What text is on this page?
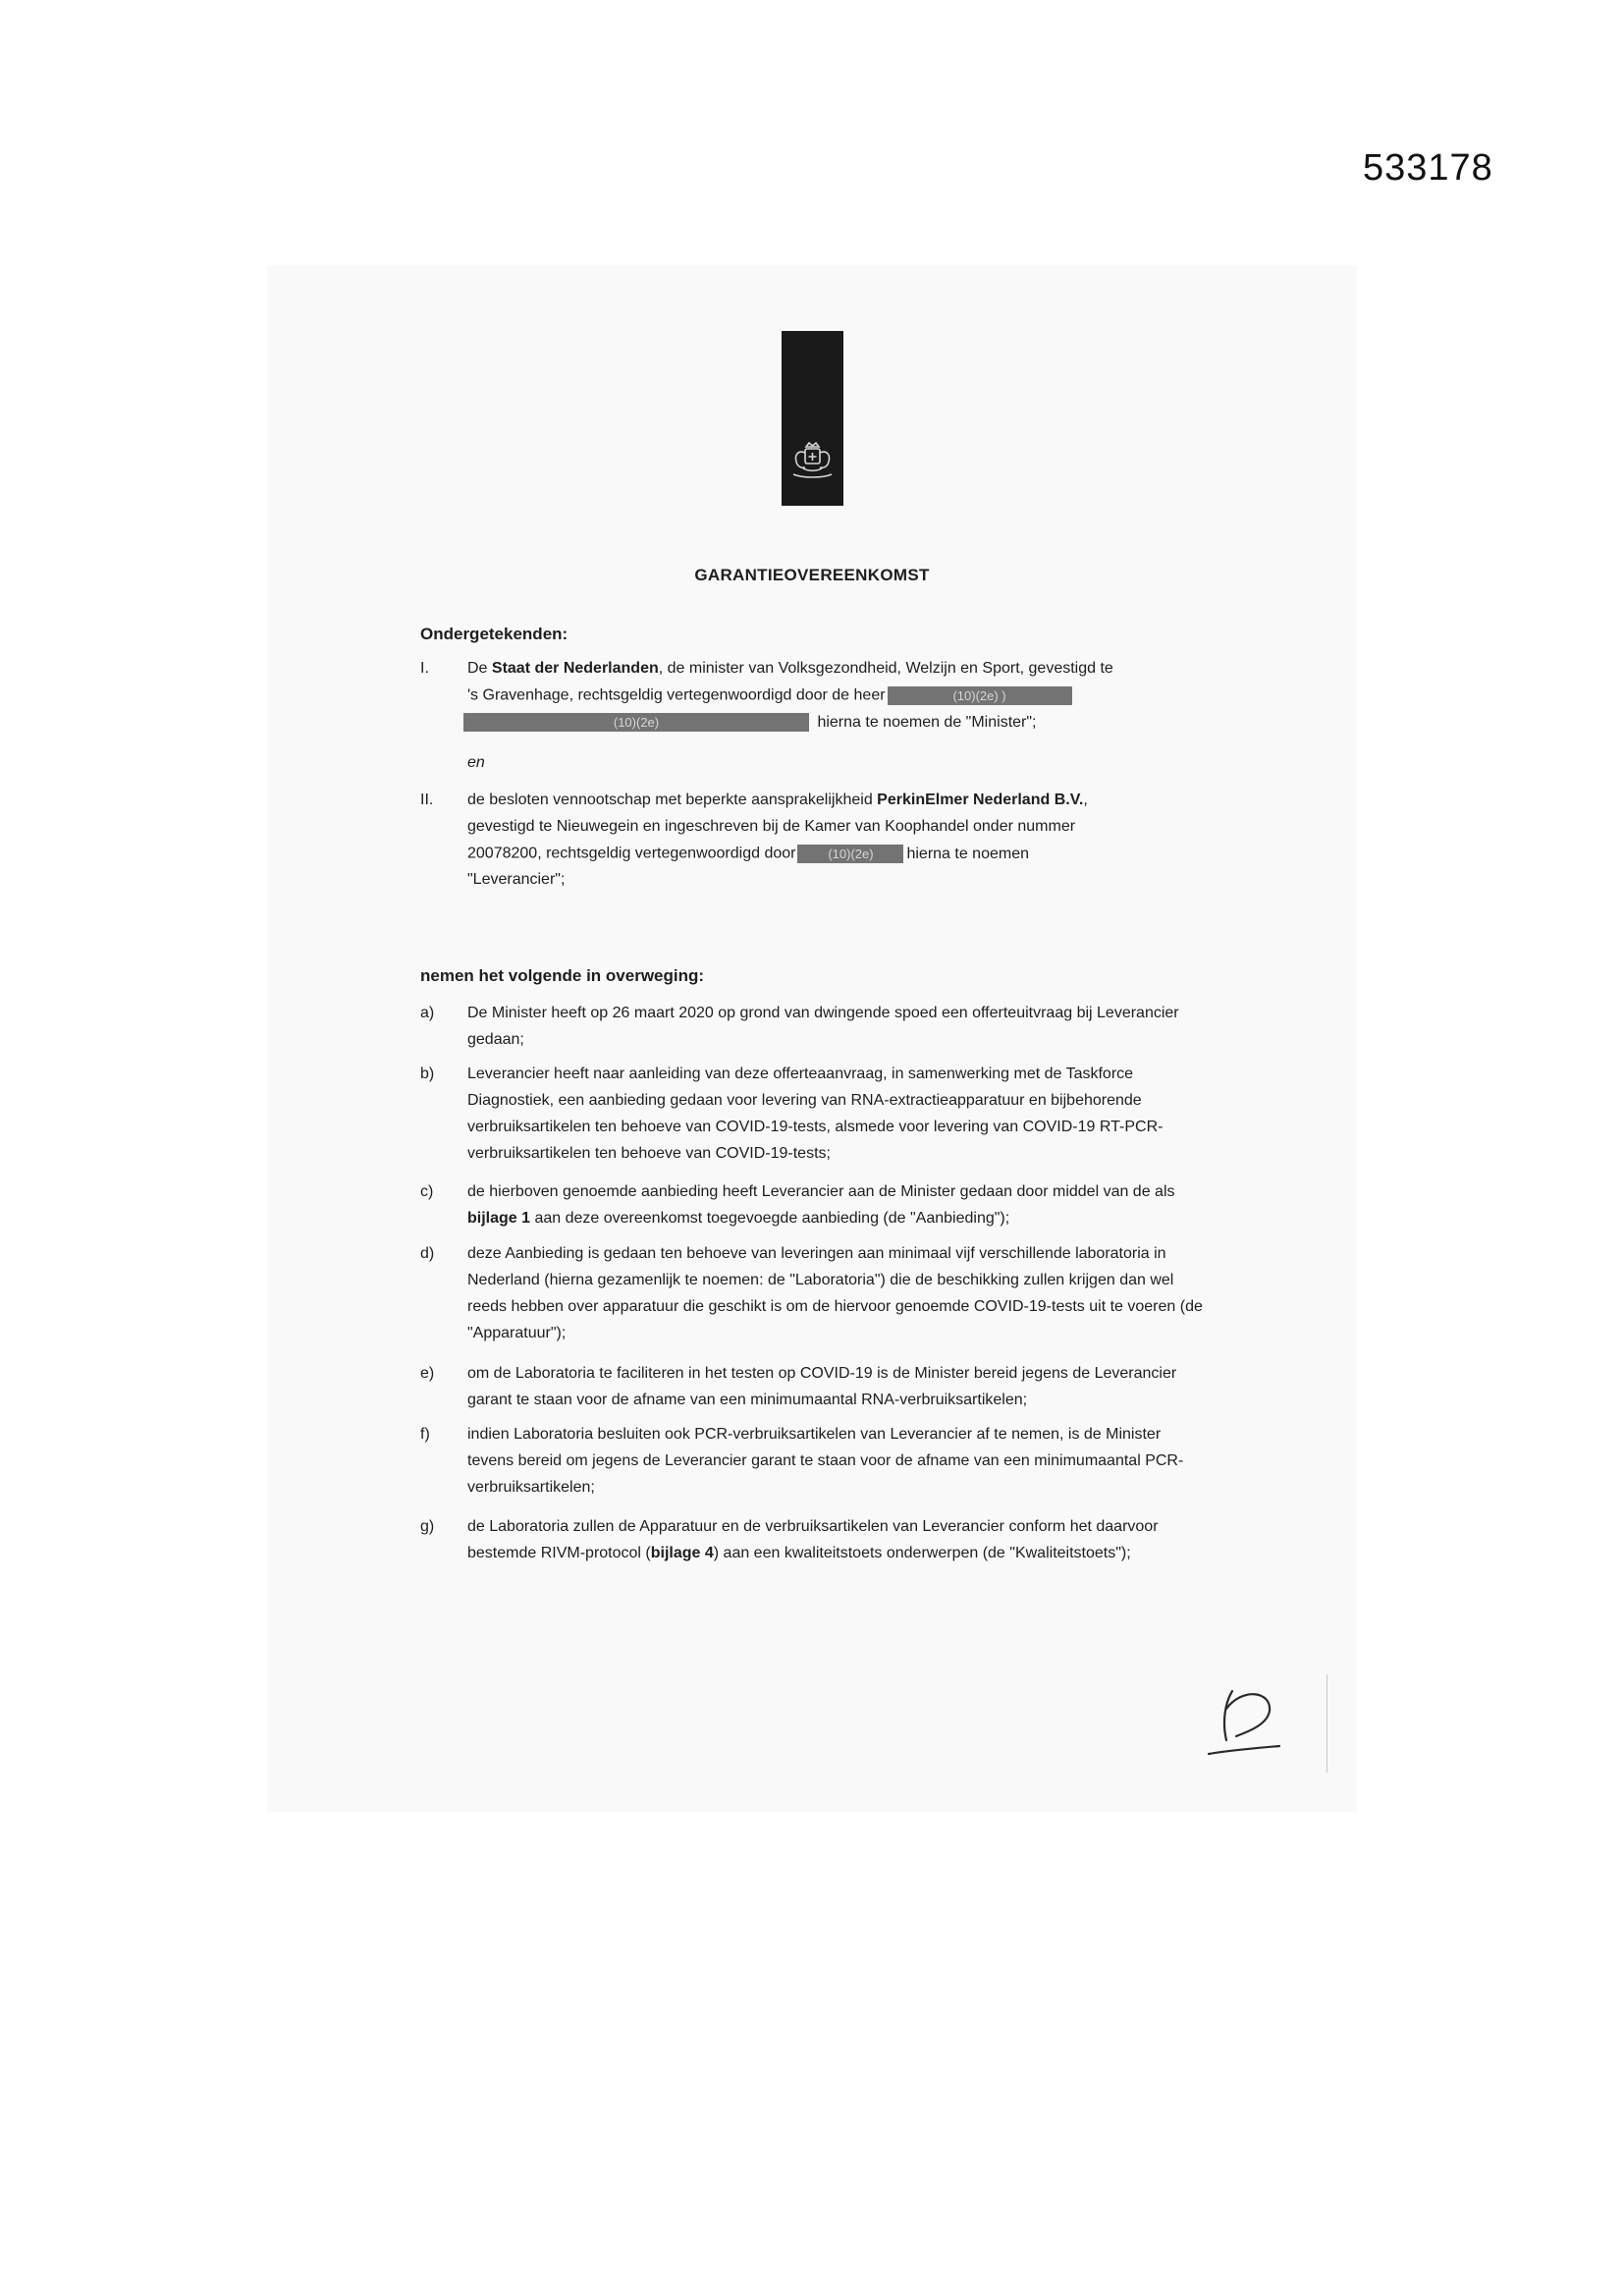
533178
GARANTIEOVEREENKOMST
Ondergetekenden:
I. De Staat der Nederlanden, de minister van Volksgezondheid, Welzijn en Sport, gevestigd te
's Gravenhage, rechtsgeldig vertegenwoordigd door de heer	(10)(2e) )
(10)(2e)	hierna te noemen de "Minister";
en
II. de besloten vennootschap met beperkte aansprakelijkheid PerkinElmer Nederland B.V.,
gevestigd te Nieuwegein en ingeschreven bij de Kamer van Koophandel onder nummer
20078200, rechtsgeldig vertegenwoordigd door	(10)(2e) hierna te noemen
"Leverancier";
nemen het volgende in overweging:
a) De Minister heeft op 26 maart 2020 op grond van dwingende spoed een offerteuitvraag bij Leverancier gedaan;

b) Leverancier heeft naar aanleiding van deze offerteaanvraag, in samenwerking met de Taskforce Diagnostiek, een aanbieding gedaan voor levering van RNA-extractieapparatuur en bijbehorende verbruiksartikelen ten behoeve van COVID-19-tests, alsmede voor levering van COVID-19 RT-PCR-verbruiksartikelen ten behoeve van COVID-19-tests;

c) de hierboven genoemde aanbieding heeft Leverancier aan de Minister gedaan door middel van de als bijlage 1 aan deze overeenkomst toegevoegde aanbieding (de "Aanbieding");

d) deze Aanbieding is gedaan ten behoeve van leveringen aan minimaal vijf verschillende laboratoria in Nederland (hierna gezamenlijk te noemen: de "Laboratoria") die de beschikking zullen krijgen dan wel reeds hebben over apparatuur die geschikt is om de hiervoor genoemde COVID-19-tests uit te voeren (de "Apparatuur");

e) om de Laboratoria te faciliteren in het testen op COVID-19 is de Minister bereid jegens de Leverancier garant te staan voor de afname van een minimumaantal RNA-verbruiksartikelen;

f) indien Laboratoria besluiten ook PCR-verbruiksartikelen van Leverancier af te nemen, is de Minister tevens bereid om jegens de Leverancier garant te staan voor de afname van een minimumaantal PCR-verbruiksartikelen;

g) de Laboratoria zullen de Apparatuur en de verbruiksartikelen van Leverancier conform het daarvoor bestemde RIVM-protocol (bijlage 4) aan een kwaliteitstoets onderwerpen (de "Kwaliteitstoets");
